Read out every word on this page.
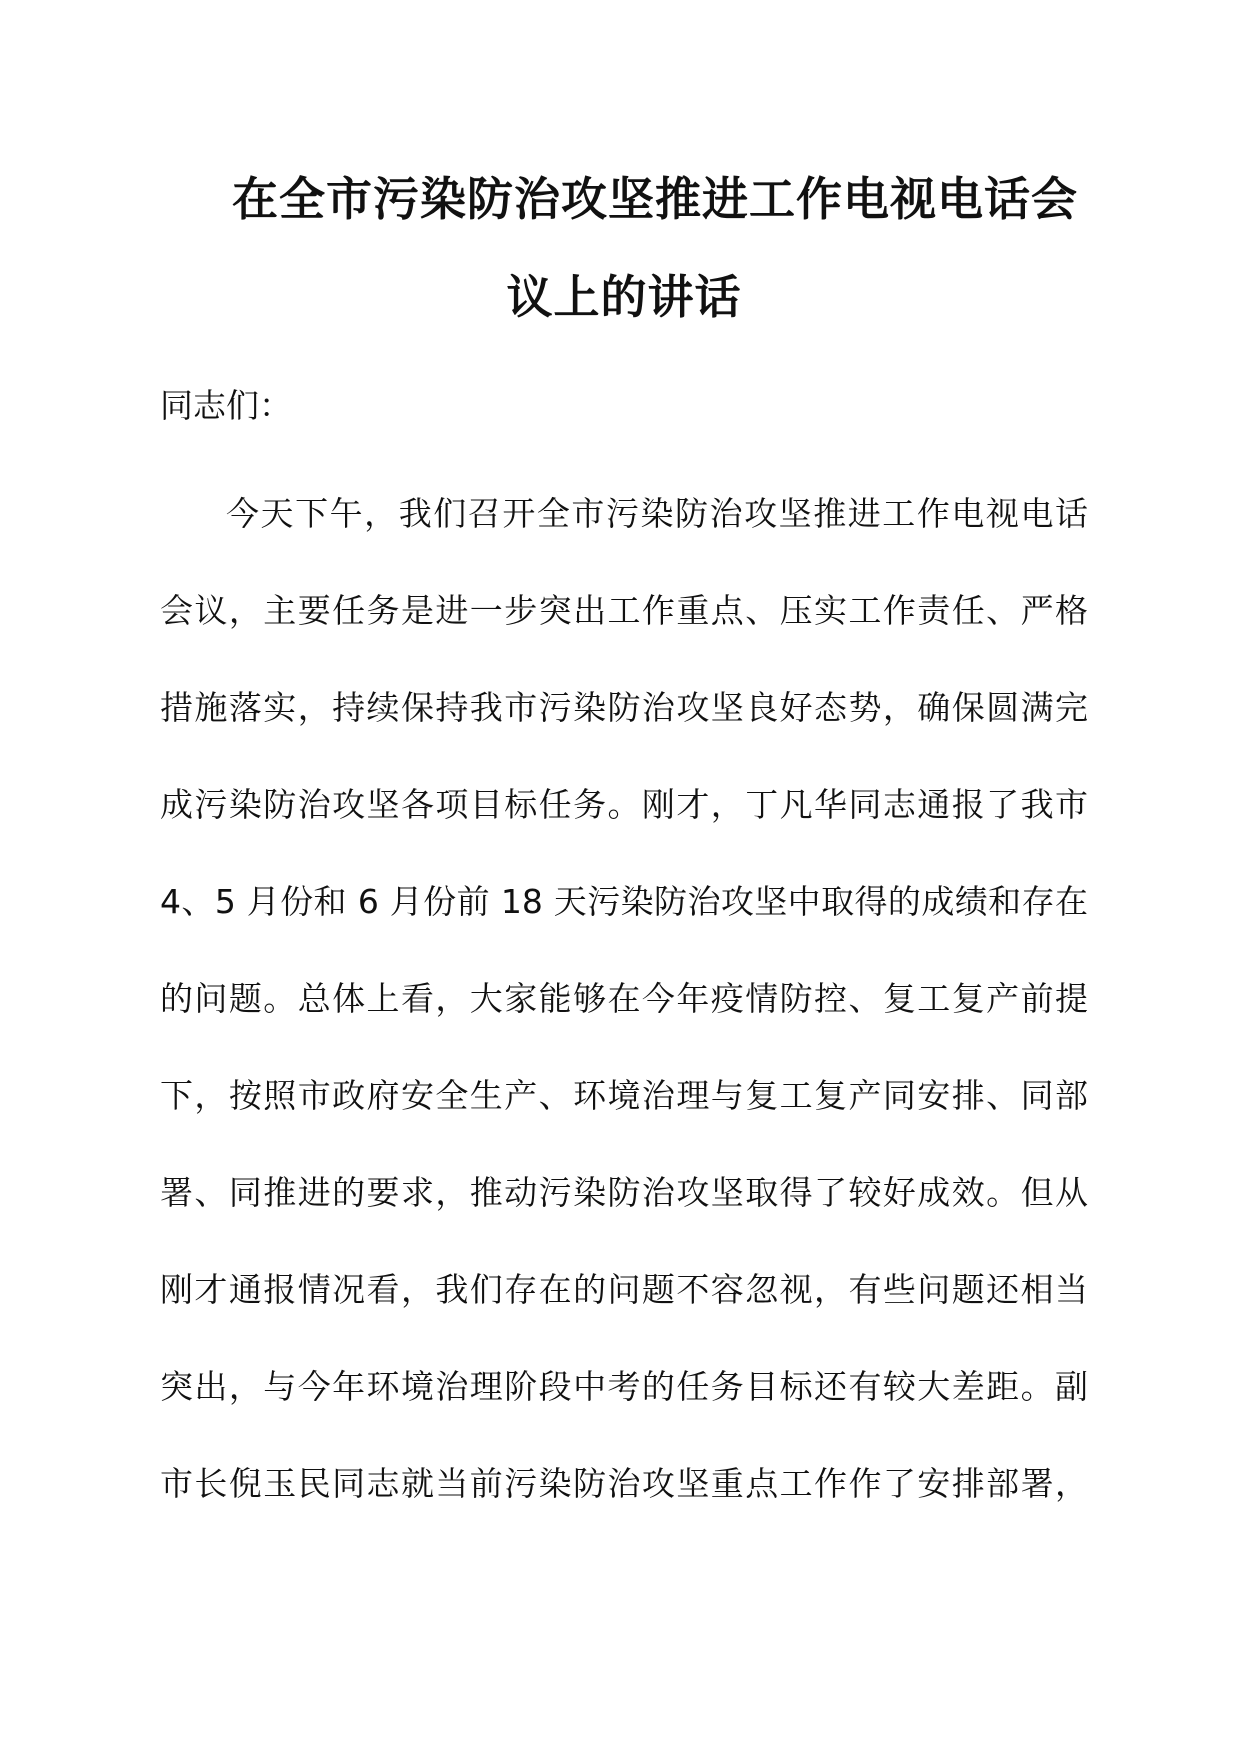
在全市污染防治攻坚推进工作电视电话会
议上的讲话
同志们：
今天下午，我们召开全市污染防治攻坚推进工作电视电话
会议，主要任务是进一步突出工作重点、压实工作责任、严格
措施落实，持续保持我市污染防治攻坚良好态势，确保圆满完
成污染防治攻坚各项目标任务。刚才，丁凡华同志通报了我市
4、5 月份和 6 月份前 18 天污染防治攻坚中取得的成绩和存在
的问题。总体上看，大家能够在今年疫情防控、复工复产前提
下，按照市政府安全生产、环境治理与复工复产同安排、同部
署、同推进的要求，推动污染防治攻坚取得了较好成效。但从
刚才通报情况看，我们存在的问题不容忽视，有些问题还相当
突出，与今年环境治理阶段中考的任务目标还有较大差距。副
市长倪玉民同志就当前污染防治攻坚重点工作作了安排部署，
